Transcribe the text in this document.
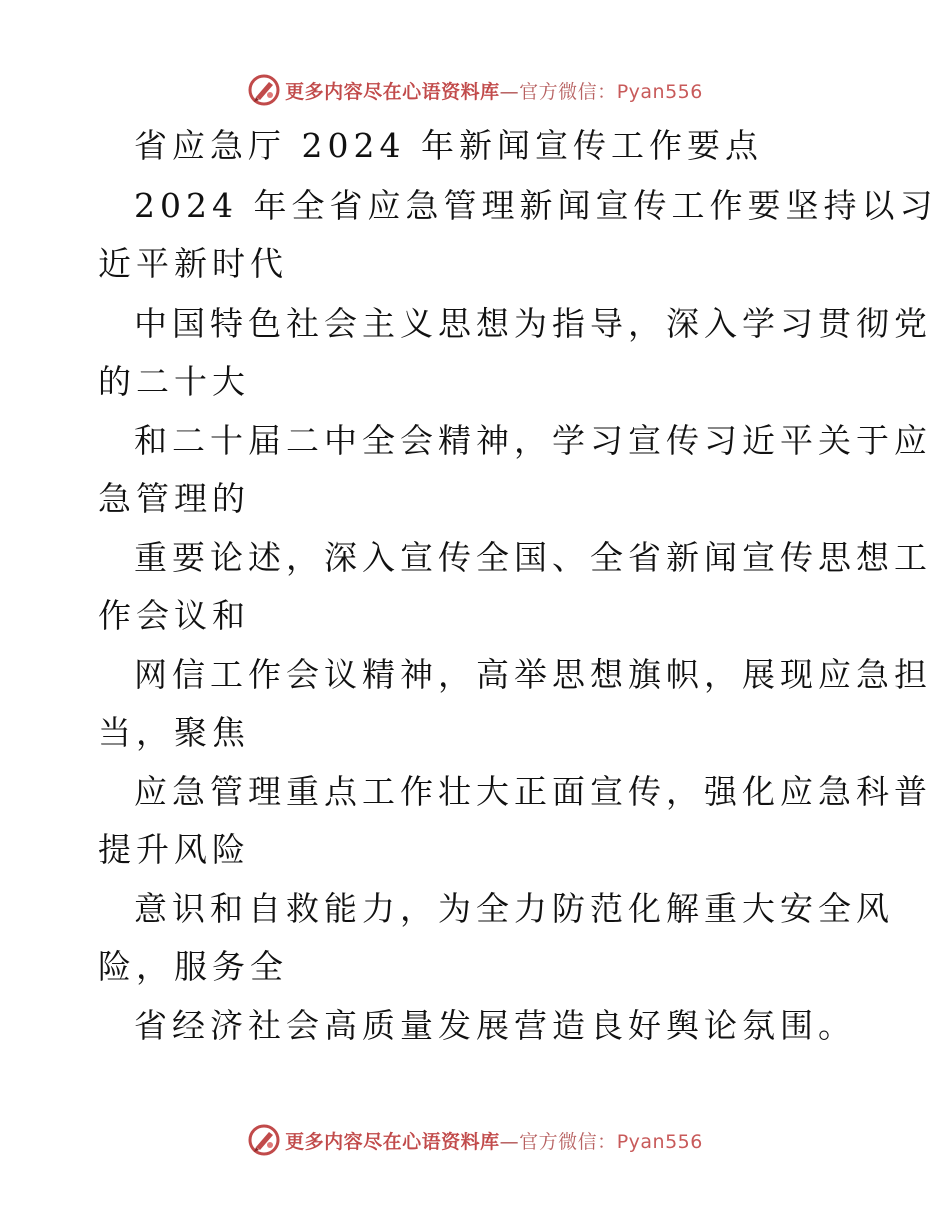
更多内容尽在心语资料库—官方微信：Pyan556
省应急厅 2024 年新闻宣传工作要点
2024 年全省应急管理新闻宣传工作要坚持以习
近平新时代
中国特色社会主义思想为指导，深入学习贯彻党
的二十大
和二十届二中全会精神，学习宣传习近平关于应
急管理的
重要论述，深入宣传全国、全省新闻宣传思想工
作会议和
网信工作会议精神，高举思想旗帜，展现应急担
当，聚焦
应急管理重点工作壮大正面宣传，强化应急科普
提升风险
意识和自救能力，为全力防范化解重大安全风
险，服务全
省经济社会高质量发展营造良好舆论氛围。
更多内容尽在心语资料库—官方微信：Pyan556
